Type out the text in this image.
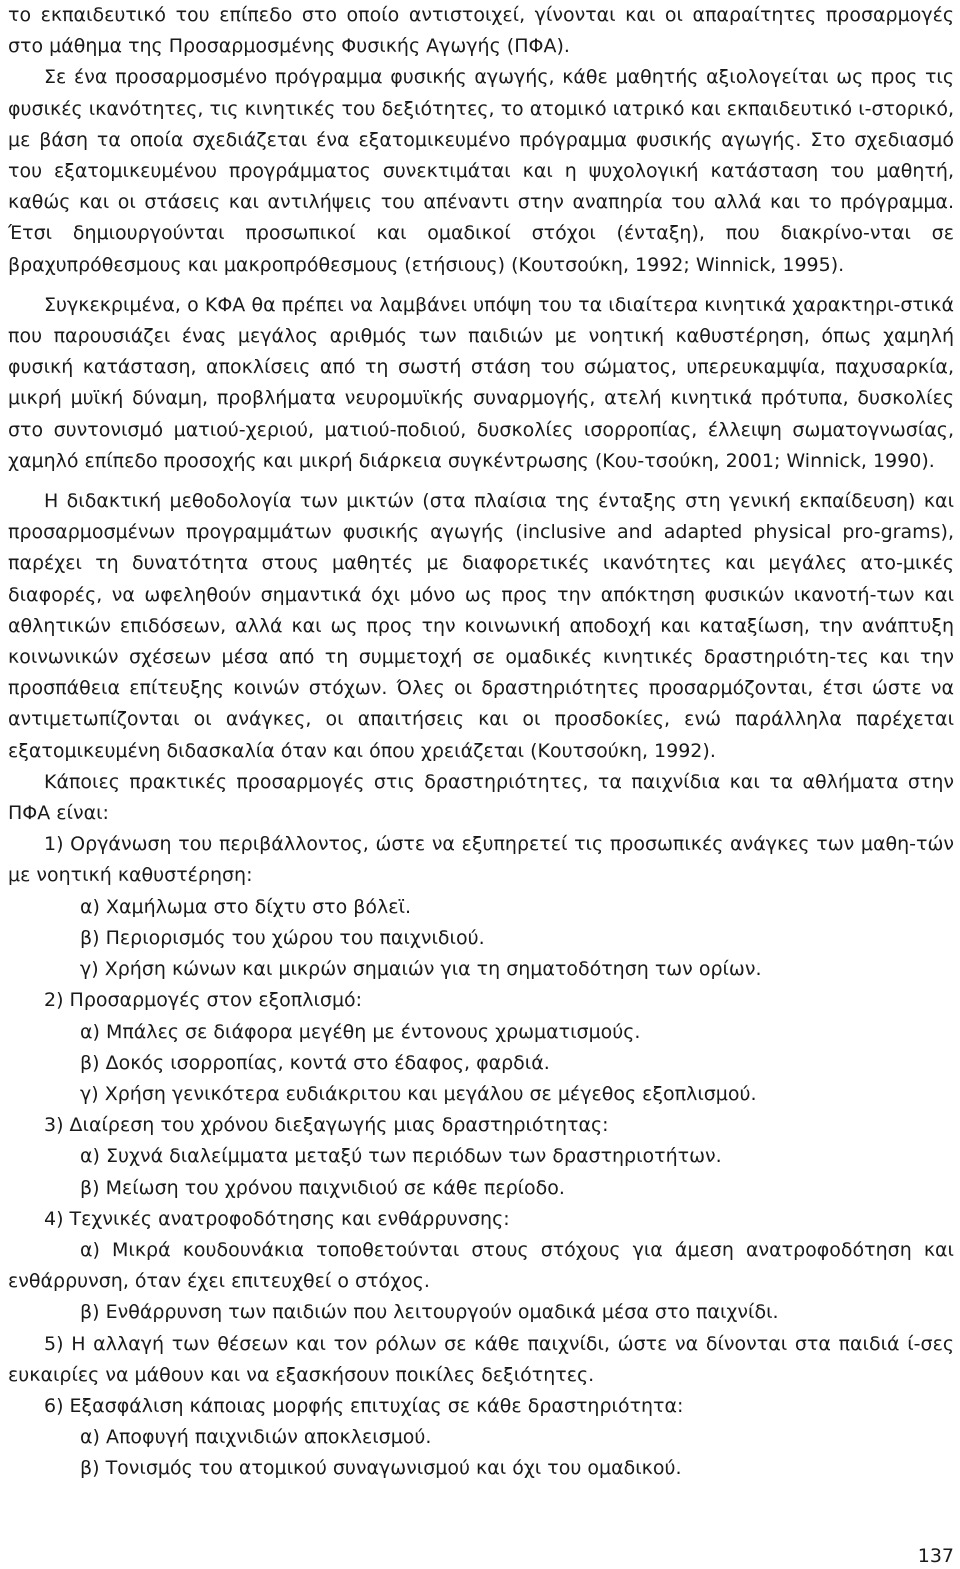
το εκπαιδευτικό του επίπεδο στο οποίο αντιστοιχεί, γίνονται και οι απαραίτητες προσαρμογές στο μάθημα της Προσαρμοσμένης Φυσικής Αγωγής (ΠΦΑ).

Σε ένα προσαρμοσμένο πρόγραμμα φυσικής αγωγής, κάθε μαθητής αξιολογείται ως προς τις φυσικές ικανότητες, τις κινητικές του δεξιότητες, το ατομικό ιατρικό και εκπαιδευτικό ι-στορικό, με βάση τα οποία σχεδιάζεται ένα εξατομικευμένο πρόγραμμα φυσικής αγωγής. Στο σχεδιασμό του εξατομικευμένου προγράμματος συνεκτιμάται και η ψυχολογική κατάσταση του μαθητή, καθώς και οι στάσεις και αντιλήψεις του απέναντι στην αναπηρία του αλλά και το πρόγραμμα. Έτσι δημιουργούνται προσωπικοί και ομαδικοί στόχοι (ένταξη), που διακρίνο-νται σε βραχυπρόθεσμους και μακροπρόθεσμους (ετήσιους) (Κουτσούκη, 1992; Winnick, 1995).

Συγκεκριμένα, ο ΚΦΑ θα πρέπει να λαμβάνει υπόψη του τα ιδιαίτερα κινητικά χαρακτηρι-στικά που παρουσιάζει ένας μεγάλος αριθμός των παιδιών με νοητική καθυστέρηση, όπως χαμηλή φυσική κατάσταση, αποκλίσεις από τη σωστή στάση του σώματος, υπερευκαμψία, παχυσαρκία, μικρή μυϊκή δύναμη, προβλήματα νευρομυϊκής συναρμογής, ατελή κινητικά πρότυπα, δυσκολίες στο συντονισμό ματιού-χεριού, ματιού-ποδιού, δυσκολίες ισορροπίας, έλλειψη σωματογνωσίας, χαμηλό επίπεδο προσοχής και μικρή διάρκεια συγκέντρωσης (Κου-τσούκη, 2001; Winnick, 1990).

Η διδακτική μεθοδολογία των μικτών (στα πλαίσια της ένταξης στη γενική εκπαίδευση) και προσαρμοσμένων προγραμμάτων φυσικής αγωγής (inclusive and adapted physical pro-grams), παρέχει τη δυνατότητα στους μαθητές με διαφορετικές ικανότητες και μεγάλες ατο-μικές διαφορές, να ωφεληθούν σημαντικά όχι μόνο ως προς την απόκτηση φυσικών ικανοτή-των και αθλητικών επιδόσεων, αλλά και ως προς την κοινωνική αποδοχή και καταξίωση, την ανάπτυξη κοινωνικών σχέσεων μέσα από τη συμμετοχή σε ομαδικές κινητικές δραστηριότη-τες και την προσπάθεια επίτευξης κοινών στόχων. Όλες οι δραστηριότητες προσαρμόζονται, έτσι ώστε να αντιμετωπίζονται οι ανάγκες, οι απαιτήσεις και οι προσδοκίες, ενώ παράλληλα παρέχεται εξατομικευμένη διδασκαλία όταν και όπου χρειάζεται (Κουτσούκη, 1992).

Κάποιες πρακτικές προσαρμογές στις δραστηριότητες, τα παιχνίδια και τα αθλήματα στην ΠΦΑ είναι:

1) Οργάνωση του περιβάλλοντος, ώστε να εξυπηρετεί τις προσωπικές ανάγκες των μαθη-τών με νοητική καθυστέρηση:

α) Χαμήλωμα στο δίχτυ στο βόλεϊ.

β) Περιορισμός του χώρου του παιχνιδιού.

γ) Χρήση κώνων και μικρών σημαιών για τη σηματοδότηση των ορίων.

2) Προσαρμογές στον εξοπλισμό:

α) Μπάλες σε διάφορα μεγέθη με έντονους χρωματισμούς.

β) Δοκός ισορροπίας, κοντά στο έδαφος, φαρδιά.

γ) Χρήση γενικότερα ευδιάκριτου και μεγάλου σε μέγεθος εξοπλισμού.

3) Διαίρεση του χρόνου διεξαγωγής μιας δραστηριότητας:

α) Συχνά διαλείμματα μεταξύ των περιόδων των δραστηριοτήτων.

β) Μείωση του χρόνου παιχνιδιού σε κάθε περίοδο.

4) Τεχνικές ανατροφοδότησης και ενθάρρυνσης:

α) Μικρά κουδουνάκια τοποθετούνται στους στόχους για άμεση ανατροφοδότηση και ενθάρρυνση, όταν έχει επιτευχθεί ο στόχος.

β) Ενθάρρυνση των παιδιών που λειτουργούν ομαδικά μέσα στο παιχνίδι.

5) Η αλλαγή των θέσεων και τον ρόλων σε κάθε παιχνίδι, ώστε να δίνονται στα παιδιά ί-σες ευκαιρίες να μάθουν και να εξασκήσουν ποικίλες δεξιότητες.

6) Εξασφάλιση κάποιας μορφής επιτυχίας σε κάθε δραστηριότητα:

α) Αποφυγή παιχνιδιών αποκλεισμού.

β) Τονισμός του ατομικού συναγωνισμού και όχι του ομαδικού.

137
